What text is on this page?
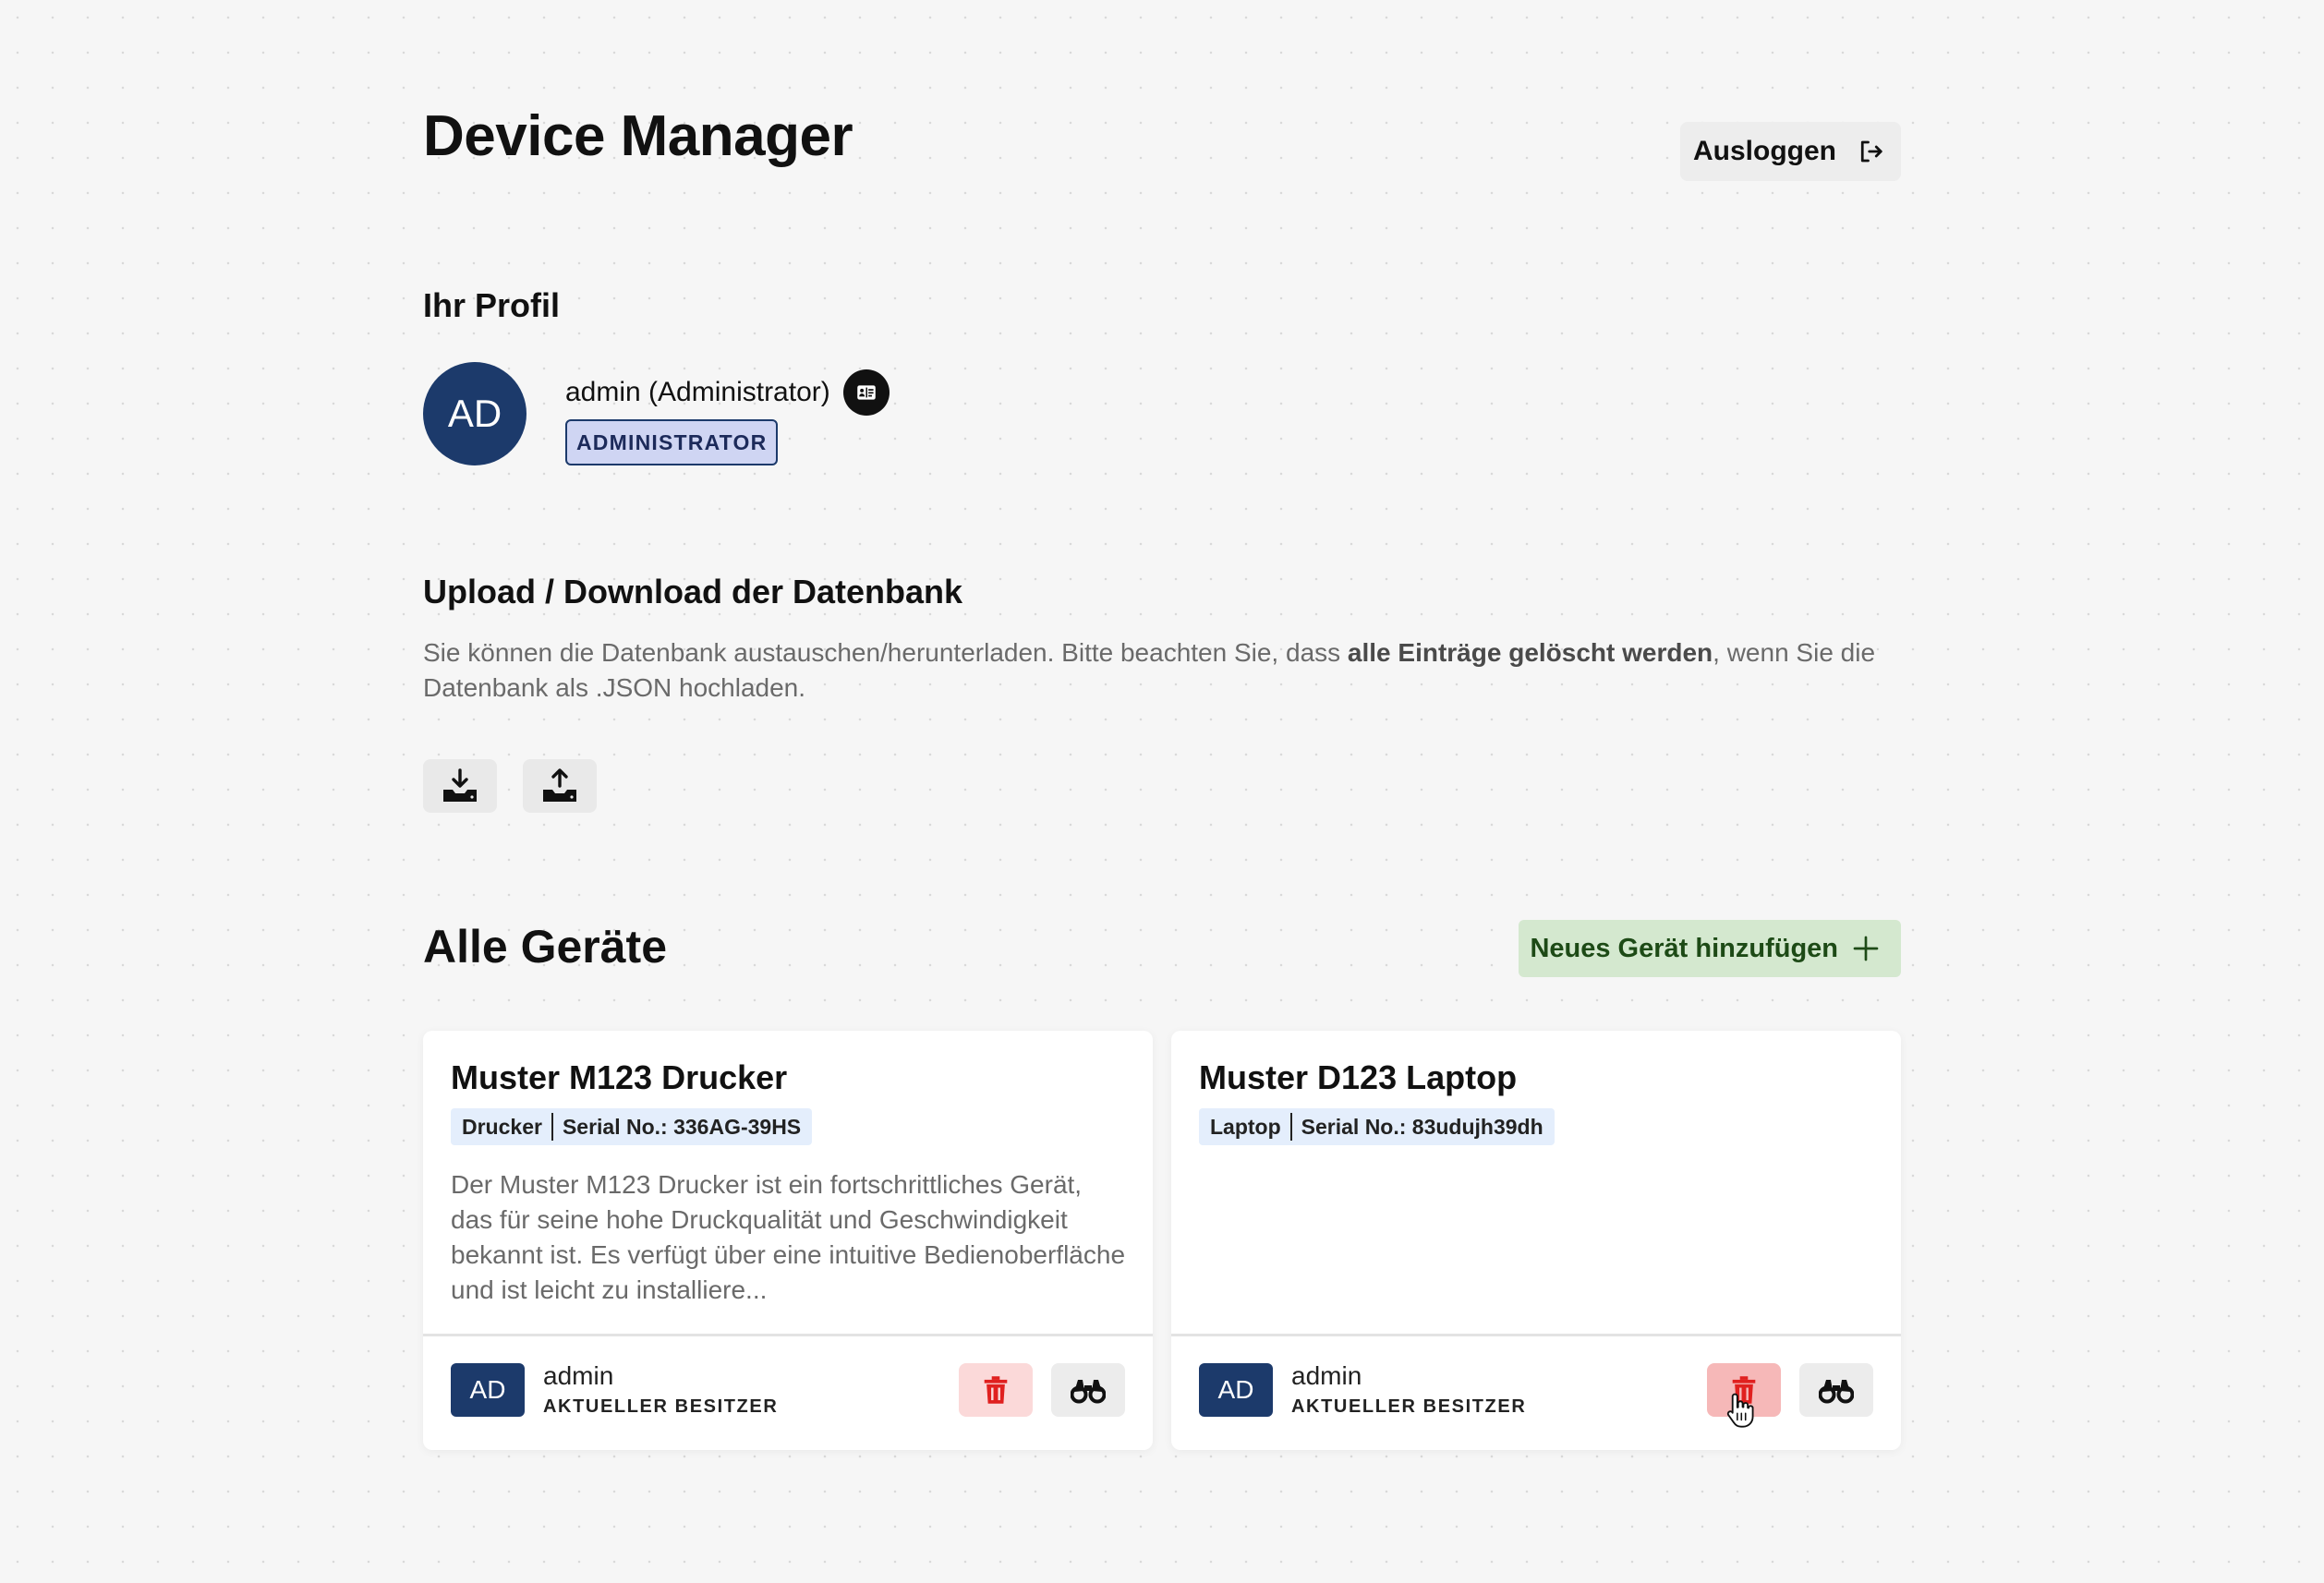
Device Manager	Ausloggen
Ihr Profil
AD	admin (Administrator)
ADMINISTRATOR
Upload / Download der Datenbank

Sie können die Datenbank austauschen/herunterladen. Bitte beachten Sie, dass alle Einträge gelöscht werden, wenn Sie die Datenbank als .JSON hochladen.

Alle Geräte	Neues Gerät hinzufügen
Muster M123 Drucker
Drucker Serial No.: 336AG-39HS

Der Muster M123 Drucker ist ein fortschrittliches Gerät, das für seine hohe Druckqualität und Geschwindigkeit bekannt ist. Es verfügt über eine intuitive Bedienoberfläche und ist leicht zu installiere...

AD	admin
AKTUELLER BESITZER
Muster D123 Laptop
Laptop Serial No.: 83udujh39dh

AD	admin
AKTUELLER BESITZER
